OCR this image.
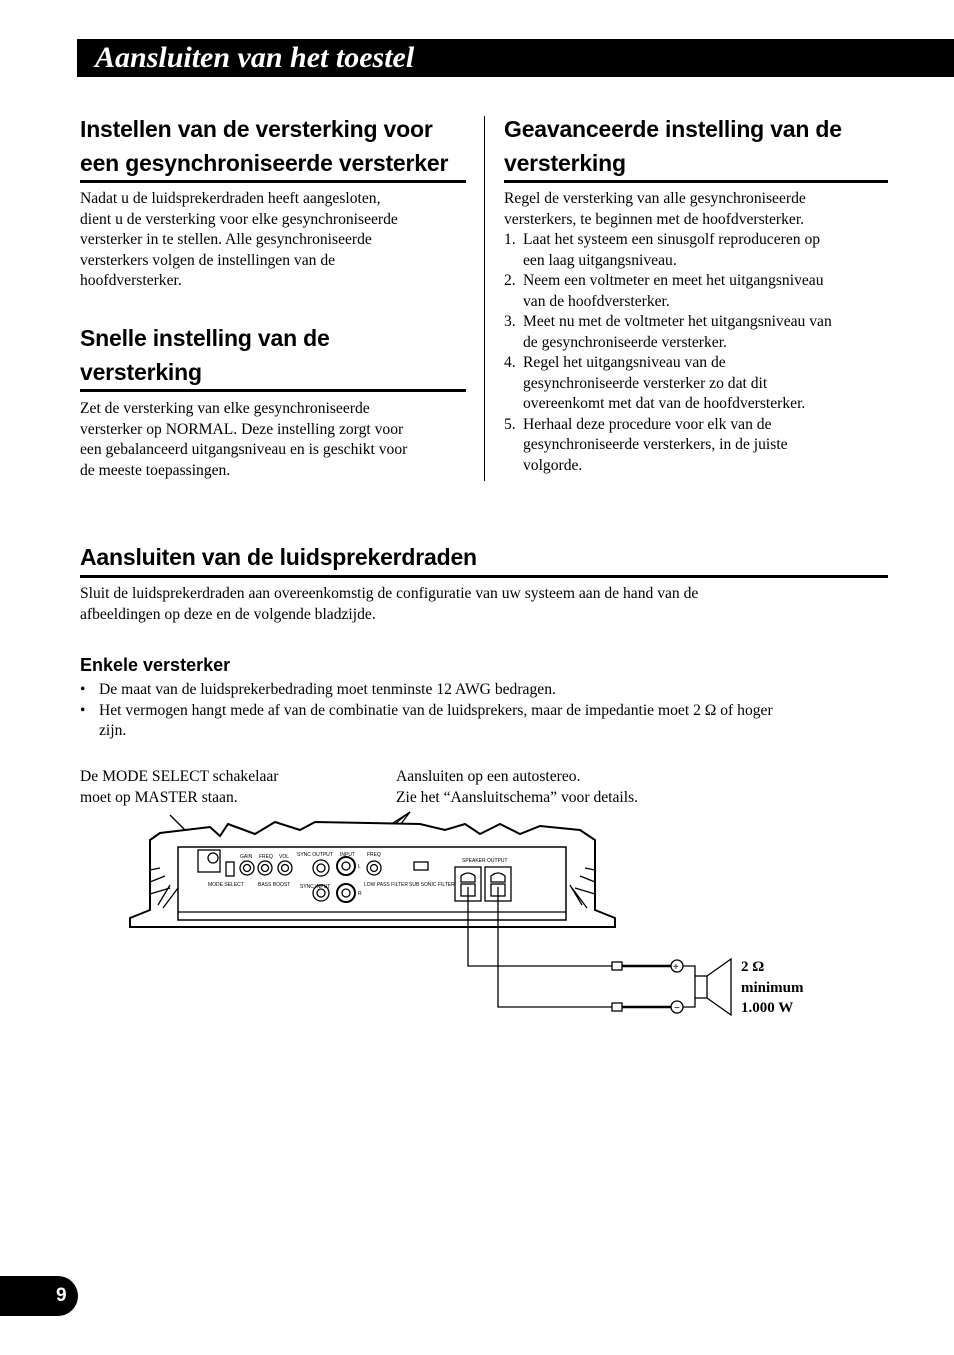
Aansluiten van het toestel
Instellen van de versterking voor
een gesynchroniseerde versterker
Nadat u de luidsprekerdraden heeft aangesloten,
dient u de versterking voor elke gesynchroniseerde
versterker in te stellen. Alle gesynchroniseerde
versterkers volgen de instellingen van de
hoofdversterker.
Snelle instelling van de
versterking
Zet de versterking van elke gesynchroniseerde
versterker op NORMAL. Deze instelling zorgt voor
een gebalanceerd uitgangsniveau en is geschikt voor
de meeste toepassingen.
Geavanceerde instelling van de
versterking
Regel de versterking van alle gesynchroniseerde
versterkers, te beginnen met de hoofdversterker.
1. Laat het systeem een sinusgolf reproduceren op
een laag uitgangsniveau.
2. Neem een voltmeter en meet het uitgangsniveau
van de hoofdversterker.
3. Meet nu met de voltmeter het uitgangsniveau van
de gesynchroniseerde versterker.
4. Regel het uitgangsniveau van de
gesynchroniseerde versterker zo dat dit
overeenkomt met dat van de hoofdversterker.
5. Herhaal deze procedure voor elk van de
gesynchroniseerde versterkers, in de juiste
volgorde.
Aansluiten van de luidsprekerdraden
Sluit de luidsprekerdraden aan overeenkomstig de configuratie van uw systeem aan de hand van de
afbeeldingen op deze en de volgende bladzijde.
Enkele versterker
• De maat van de luidsprekerbedrading moet tenminste 12 AWG bedragen.
• Het vermogen hangt mede af van de combinatie van de luidsprekers, maar de impedantie moet 2 Ω of hoger
zijn.
De MODE SELECT schakelaar
moet op MASTER staan.
Aansluiten op een autostereo.
Zie het “Aansluitschema” voor details.
GAIN FREQ VOL SYNC OUTPUT INPUT FREQ
SPEAKER OUTPUT
MODE SELECT	BASS BOOST SYNC INPUT	LOW PASS FILTER SUB SONIC FILTER
L
R
+
−
2 Ω
minimum
1.000 W
9
